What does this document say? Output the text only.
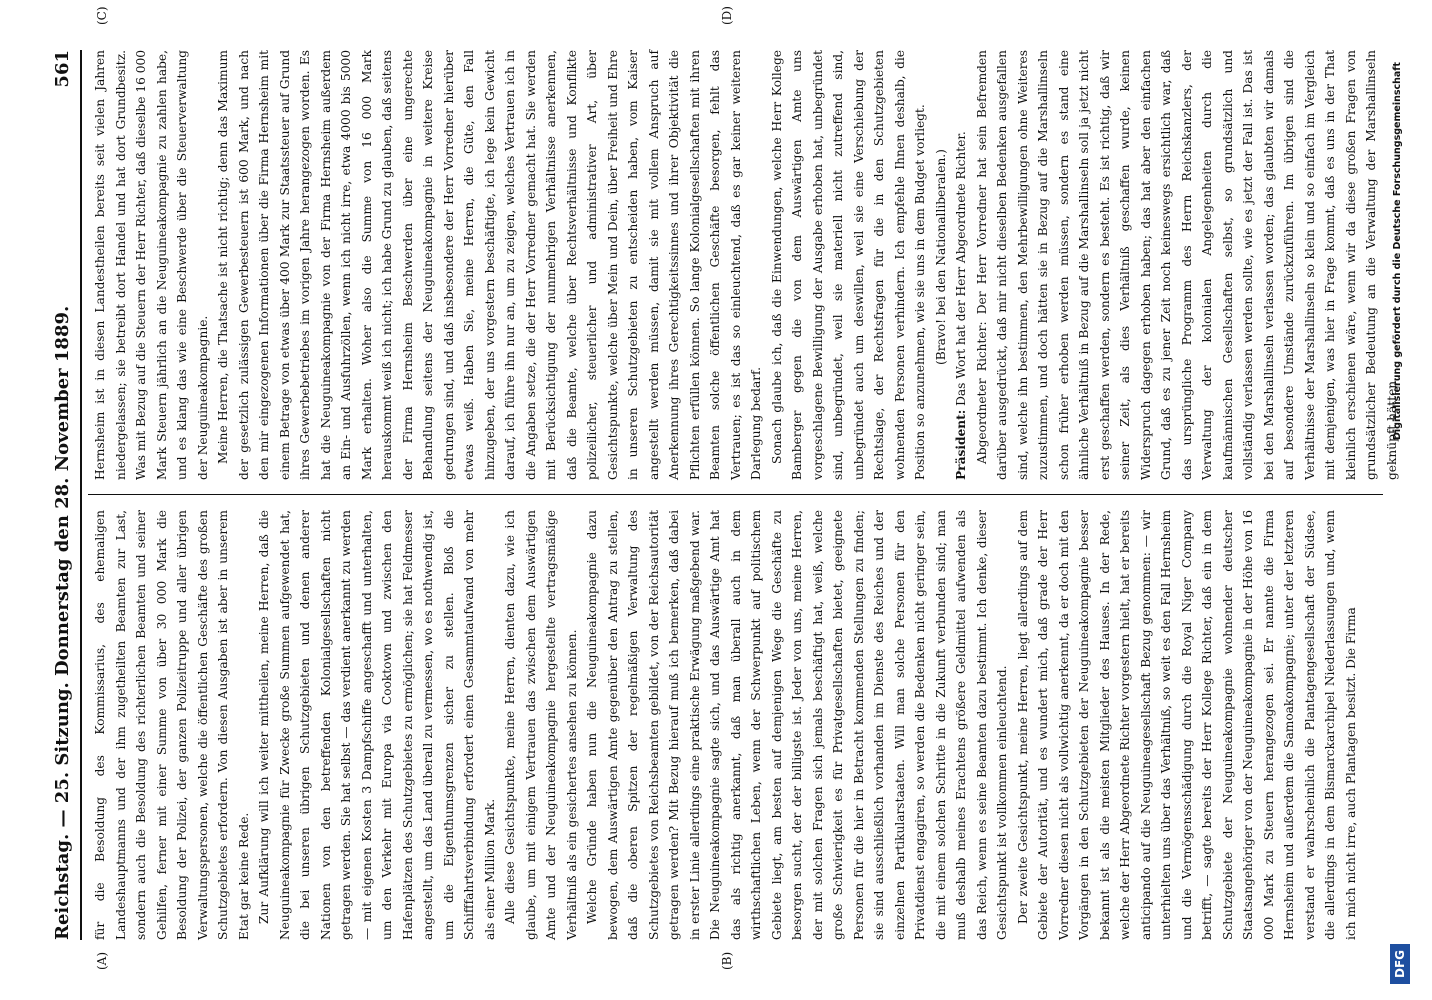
Reichstag. — 25. Sitzung. Donnerstag den 28. November 1889.
561
(A)	(B)
(C)	(D)

für die Besoldung des Kommissarius, des ehemaligen Landeshauptmanns und der ihm zugetheilten Beamten zur Last, sondern auch die Besoldung des richterlichen Beamten und seiner Gehilfen, ferner mit einer Summe von über 30 000 Mark die Besoldung der Polizei, der ganzen Polizeitruppe und aller übrigen Verwaltungspersonen, welche die öffentlichen Geschäfte des großen Schutzgebietes erfordern. Von diesen Ausgaben ist aber in unserem Etat gar keine Rede. Zur Aufklärung will ich weiter mittheilen, meine Herren, daß die Neuguineakompagnie für Zwecke große Summen aufgewendet hat, die bei unseren übrigen Schutzgebieten und denen anderer Nationen von den betreffenden Kolonialgesellschaften nicht getragen werden. Sie hat selbst — das verdient anerkannt zu werden — mit eigenen Kosten 3 Dampfschiffe angeschafft und unterhalten, um den Verkehr mit Europa via Cooktown und zwischen den Hafenplätzen des Schutzgebietes zu ermöglichen; sie hat Feldmesser angestellt, um das Land überall zu vermessen, wo es nothwendig ist, um die Eigenthumsgrenzen sicher zu stellen. Bloß die Schifffahrtsverbindung erfordert einen Gesammtaufwand von mehr als einer Million Mark. Alle diese Gesichtspunkte, meine Herren, dienten dazu, wie ich glaube, um mit einigem Vertrauen das zwischen dem Auswärtigen Amte und der Neuguineakompagnie hergestellte vertragsmäßige Verhältniß als ein gesichertes ansehen zu können. Welche Gründe haben nun die Neuguineakompagnie dazu bewogen, dem Auswärtigen Amte gegenüber den Antrag zu stellen, daß die oberen Spitzen der regelmäßigen Verwaltung des Schutzgebietes von Reichsbeamten gebildet, von der Reichsautorität getragen werden? Mit Bezug hierauf muß ich bemerken, daß dabei in erster Linie allerdings eine praktische Erwägung maßgebend war. Die Neuguineakompagnie sagte sich, und das Auswärtige Amt hat das als richtig anerkannt, daß man überall auch in dem wirthschaftlichen Leben, wenn der Schwerpunkt auf politischem Gebiete liegt, am besten auf demjenigen Wege die Geschäfte zu besorgen sucht, der der billigste ist. Jeder von uns, meine Herren, der mit solchen Fragen sich jemals beschäftigt hat, weiß, welche große Schwierigkeit es für Privatgesellschaften bietet, geeignete Personen für die hier in Betracht kommenden Stellungen zu finden; sie sind ausschließlich vorhanden im Dienste des Reiches und der einzelnen Partikularstaaten. Will man solche Personen für den Privatdienst engagiren, so werden die Bedenken nicht geringer sein, die mit einem solchen Schritte in die Zukunft verbunden sind; man muß deshalb meines Erachtens größere Geldmittel aufwenden als das Reich, wenn es seine Beamten dazu bestimmt. Ich denke, dieser Gesichtspunkt ist vollkommen einleuchtend. Der zweite Gesichtspunkt, meine Herren, liegt allerdings auf dem Gebiete der Autorität, und es wundert mich, daß grade der Herr Vorredner diesen nicht als vollwichtig anerkennt, da er doch mit den Vorgängen in den Schutzgebieten der Neuguineakompagnie besser bekannt ist als die meisten Mitglieder des Hauses. In der Rede, welche der Herr Abgeordnete Richter vorgestern hielt, hat er bereits anticipando auf die Neuguineagesellschaft Bezug genommen: — wir unterhielten uns über das Verhältniß, so weit es den Fall Hernsheim und die Vermögensschädigung durch die Royal Niger Company betrifft, — sagte bereits der Herr Kollege Richter, daß ein in dem Schutzgebiete der Neuguineakompagnie wohnender deutscher Staatsangehöriger von der Neuguineakompagnie in der Höhe von 16 000 Mark zu Steuern herangezogen sei. Er nannte die Firma Hernsheim und außerdem die Samoakompagnie; unter der letzteren verstand er wahrscheinlich die Plantagengesellschaft der Südsee, die allerdings in dem Bismarckarchipel Niederlassungen und, wenn ich mich nicht irre, auch Plantagen besitzt. Die Firma

Hernsheim ist in diesen Landestheilen bereits seit vielen Jahren niedergelassen; sie betreibt dort Handel und hat dort Grundbesitz. Was mit Bezug auf die Steuern der Herr Richter, daß dieselbe 16 000 Mark Steuern jährlich an die Neuguineakompagnie zu zahlen habe, und es klang das wie eine Beschwerde über die Steuerverwaltung der Neuguineakompagnie. Meine Herren, die Thatsache ist nicht richtig; denn das Maximum der gesetzlich zulässigen Gewerbesteuern ist 600 Mark, und nach den mir eingezogenen Informationen über die Firma Hernsheim mit einem Betrage von etwas über 400 Mark zur Staatssteuer auf Grund ihres Gewerbebetriebes im vorigen Jahre herangezogen worden. Es hat die Neuguineakompagnie von der Firma Hernsheim außerdem an Ein- und Ausfuhrzöllen, wenn ich nicht irre, etwa 4000 bis 5000 Mark erhalten. Woher also die Summe von 16 000 Mark herauskommt weiß ich nicht; ich habe Grund zu glauben, daß seitens der Firma Hernsheim Beschwerden über eine ungerechte Behandlung seitens der Neuguineakompagnie in weitere Kreise gedrungen sind, und daß insbesondere der Herr Vorredner hierüber etwas weiß. Haben Sie, meine Herren, die Güte, den Fall hinzugeben, der uns vorgestern beschäftigte, ich lege kein Gewicht darauf, ich führe ihn nur an, um zu zeigen, welches Vertrauen ich in die Angaben setze, die der Herr Vorredner gemacht hat. Sie werden mit Berücksichtigung der nunmehrigen Verhältnisse anerkennen, daß die Beamte, welche über Rechtsverhältnisse und Konflikte polizeilicher, steuerlicher und administrativer Art, über Gesichtspunkte, welche über Mein und Dein, über Freiheit und Ehre in unseren Schutzgebieten zu entscheiden haben, vom Kaiser angestellt werden müssen, damit sie mit vollem Anspruch auf Anerkennung ihres Gerechtigkeitssinnes und ihrer Objektivität die Pflichten erfüllen können. So lange Kolonialgesellschaften mit ihren Beamten solche öffentlichen Geschäfte besorgen, fehlt das Vertrauen; es ist das so einleuchtend, daß es gar keiner weiteren Darlegung bedarf. Sonach glaube ich, daß die Einwendungen, welche Herr Kollege Bamberger gegen die von dem Auswärtigen Amte uns vorgeschlagene Bewilligung der Ausgabe erhoben hat, unbegründet sind, unbegründet, weil sie materiell nicht zutreffend sind, unbegründet auch um deswillen, weil sie eine Verschiebung der Rechtslage, der Rechtsfragen für die in den Schutzgebieten wohnenden Personen verhindern. Ich empfehle Ihnen deshalb, die Position so anzunehmen, wie sie uns in dem Budget vorliegt. (Bravo! bei den Nationalliberalen.)

Präsident: Das Wort hat der Herr Abgeordnete Richter. Abgeordneter Richter: Der Herr Vorredner hat sein Befremden darüber ausgedrückt, daß mir nicht dieselben Bedenken ausgefallen sind, welche ihn bestimmen, den Mehrbewilligungen ohne Weiteres zuzustimmen, und doch hätten sie in Bezug auf die Marshallinseln schon früher erhoben werden müssen, sondern es stand eine ähnliche Verhältniß in Bezug auf die Marshallinseln soll ja jetzt nicht erst geschaffen werden, sondern es besteht. Es ist richtig, daß wir seiner Zeit, als dies Verhältniß geschaffen wurde, keinen Widerspruch dagegen erhoben haben; das hat aber den einfachen Grund, daß es zu jener Zeit noch keineswegs ersichtlich war, daß das ursprüngliche Programm des Herrn Reichskanzlers, der Verwaltung der kolonialen Angelegenheiten durch die kaufmännischen Gesellschaften selbst, so grundsätzlich und vollständig verlassen werden sollte, wie es jetzt der Fall ist. Das ist bei den Marshallinseln verlassen worden; das glaubten wir damals auf besondere Umstände zurückzuführen. Im übrigen sind die Verhältnisse der Marshallinseln so klein und so einfach im Vergleich mit demjenigen, was hier in Frage kommt, daß es uns in der That kleinlich erschienen wäre, wenn wir da diese großen Fragen von grundsätzlicher Bedeutung an die Verwaltung der Marshallinseln geknüpft hätten.

DFG
Digitalisierung gefördert durch die Deutsche Forschungsgemeinschaft
